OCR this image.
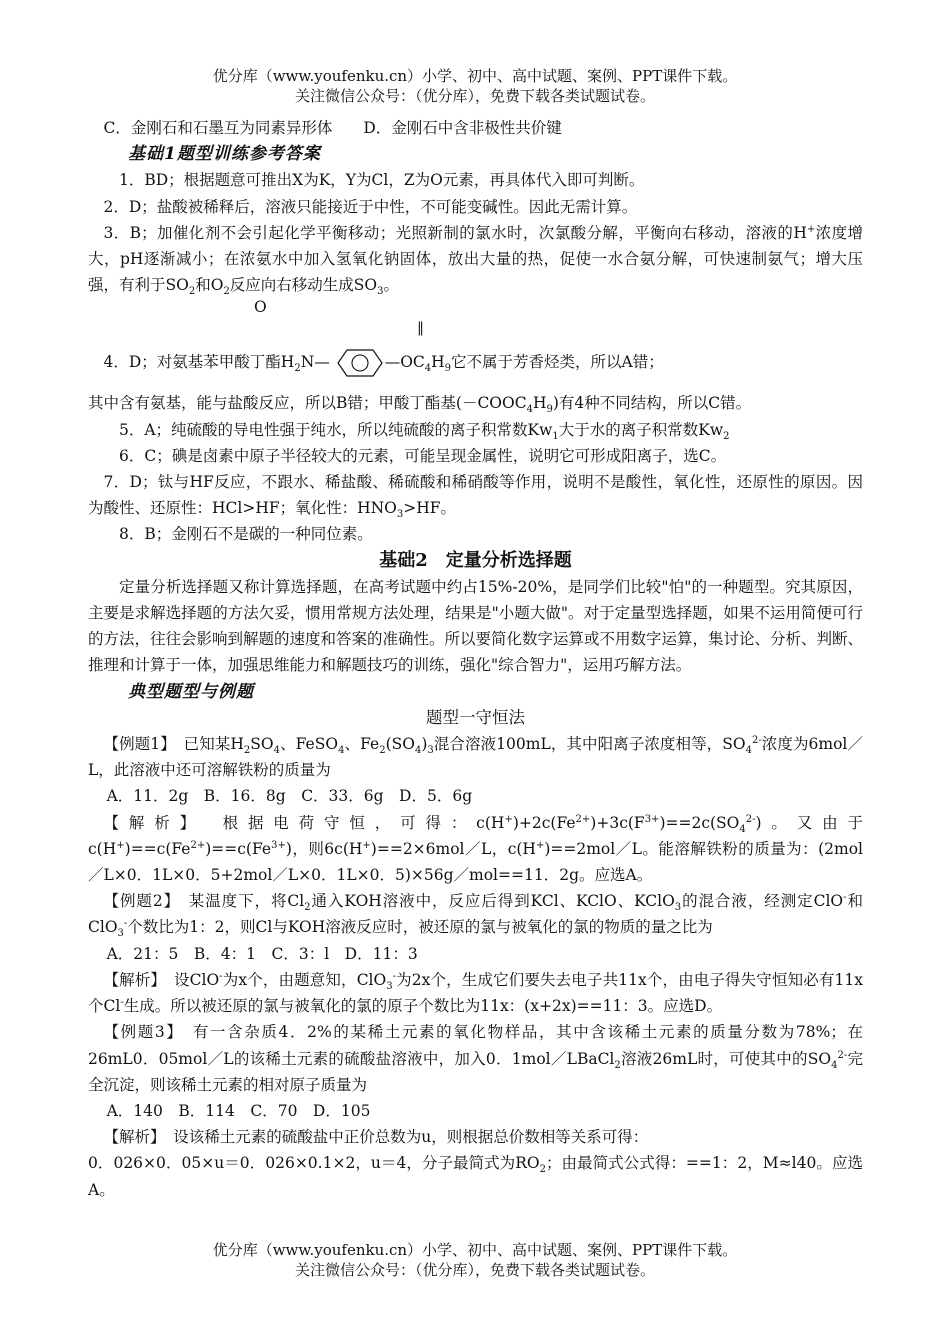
优分库（www.youfenku.cn）小学、初中、高中试题、案例、PPT课件下载。
关注微信公众号：（优分库），免费下载各类试题试卷。

C．金刚石和石墨互为同素异形体　　D．金刚石中含非极性共价键

基础1题型训练参考答案

1．BD；根据题意可推出X为K，Y为Cl，Z为O元素，再具体代入即可判断。

2．D；盐酸被稀释后，溶液只能接近于中性，不可能变碱性。因此无需计算。

3．B；加催化剂不会引起化学平衡移动；光照新制的氯水时，次氯酸分解，平衡向右移动，溶液的H+浓度增大，pH逐渐减小；在浓氨水中加入氢氧化钠固体，放出大量的热，促使一水合氨分解，可快速制氨气；增大压强，有利于$SO_2$和$O_2$反应向右移动生成$SO_3$。

O
‖
4．D；对氨基苯甲酸丁酯$H_2N—$	$—OC_4H_9$它不属于芳香烃类，所以A错；

其中含有氨基，能与盐酸反应，所以B错；甲酸丁酯基$(-COOC_4H_9)$有4种不同结构，所以C错。

5．A；纯硫酸的导电性强于纯水，所以纯硫酸的离子积常数$Kw_1$大于水的离子积常数$Kw_2$

6．C；碘是卤素中原子半径较大的元素，可能呈现金属性，说明它可形成阳离子，选C。

7．D；钛与HF反应，不跟水、稀盐酸、稀硫酸和稀硝酸等作用，说明不是酸性，氧化性，还原性的原因。因为酸性、还原性：HCl>HF；氧化性：$HNO_3>HF$。

8．B；金刚石不是碳的一种同位素。

基础2　定量分析选择题

定量分析选择题又称计算选择题，在高考试题中约占15%-20%，是同学们比较"怕"的一种题型。究其原因，主要是求解选择题的方法欠妥，惯用常规方法处理，结果是"小题大做"。对于定量型选择题，如果不运用简便可行的方法，往往会影响到解题的速度和答案的准确性。所以要简化数字运算或不用数字运算，集讨论、分析、判断、推理和计算于一体，加强思维能力和解题技巧的训练，强化"综合智力"，运用巧解方法。

典型题型与例题

题型一守恒法

【例题1】　 已知某$H_2SO_4$、FeSO$_4$、$Fe_2(SO_4)_3$混合溶液100mL，其中阳离子浓度相等，$SO_4^{2-}$浓度为6mol／L，此溶液中还可溶解铁粉的质量为

A．11．2g　B．16．8g　C．33．6g　D．5．6g

【解析】　 根据电荷守恒，可得：$c(H^+)+2c(Fe^{2+})+3c(F^{3+})==2c(SO_4^{2-})$。又由于$c(H^+)==c(Fe^{2+})==c(Fe^{3+})$，则6c(H+)==2×6mol／L，c(H+)==2mol／L。能溶解铁粉的质量为：(2mol／L×0．1L×0．5+2mol／L×0．1L×0．5)×56g／mol==11．2g。应选A。

【例题2】　 某温度下，将$Cl_2$通入KOH溶液中，反应后得到KCl、KClO、KClO$_3$的混合液，经测定ClO-和ClO$_3$-个数比为1：2，则Cl与KOH溶液反应时，被还原的氯与被氧化的氯的物质的量之比为

A．21：5　B．4：1　C．3：l　D．11：3

【解析】　 设ClO-为x个，由题意知，ClO$_3$-为2x个，生成它们要失去电子共11x个，由电子得失守恒知必有11x个Cl-生成。所以被还原的氯与被氧化的氯的原子个数比为11x：(x+2x)==11：3。应选D。

【例题3】　 有一含杂质4．2%的某稀土元素的氧化物样品，其中含该稀土元素的质量分数为78%；在26mL0．05mol／L的该稀土元素的硫酸盐溶液中，加入0．1mol／LBaCl$_2$溶液26mL时，可使其中的$SO_4^{2-}$完全沉淀，则该稀土元素的相对原子质量为

A．140　B．114　C．70　D．105

【解析】　 设该稀土元素的硫酸盐中正价总数为u，则根据总价数相等关系可得：

0．026×0．05×u＝0．026×0.1×2，u＝4，分子最简式为$RO_2$；由最简式公式得：==1：2，M≈l40。应选A。

优分库（www.youfenku.cn）小学、初中、高中试题、案例、PPT课件下载。
关注微信公众号：（优分库），免费下载各类试题试卷。
